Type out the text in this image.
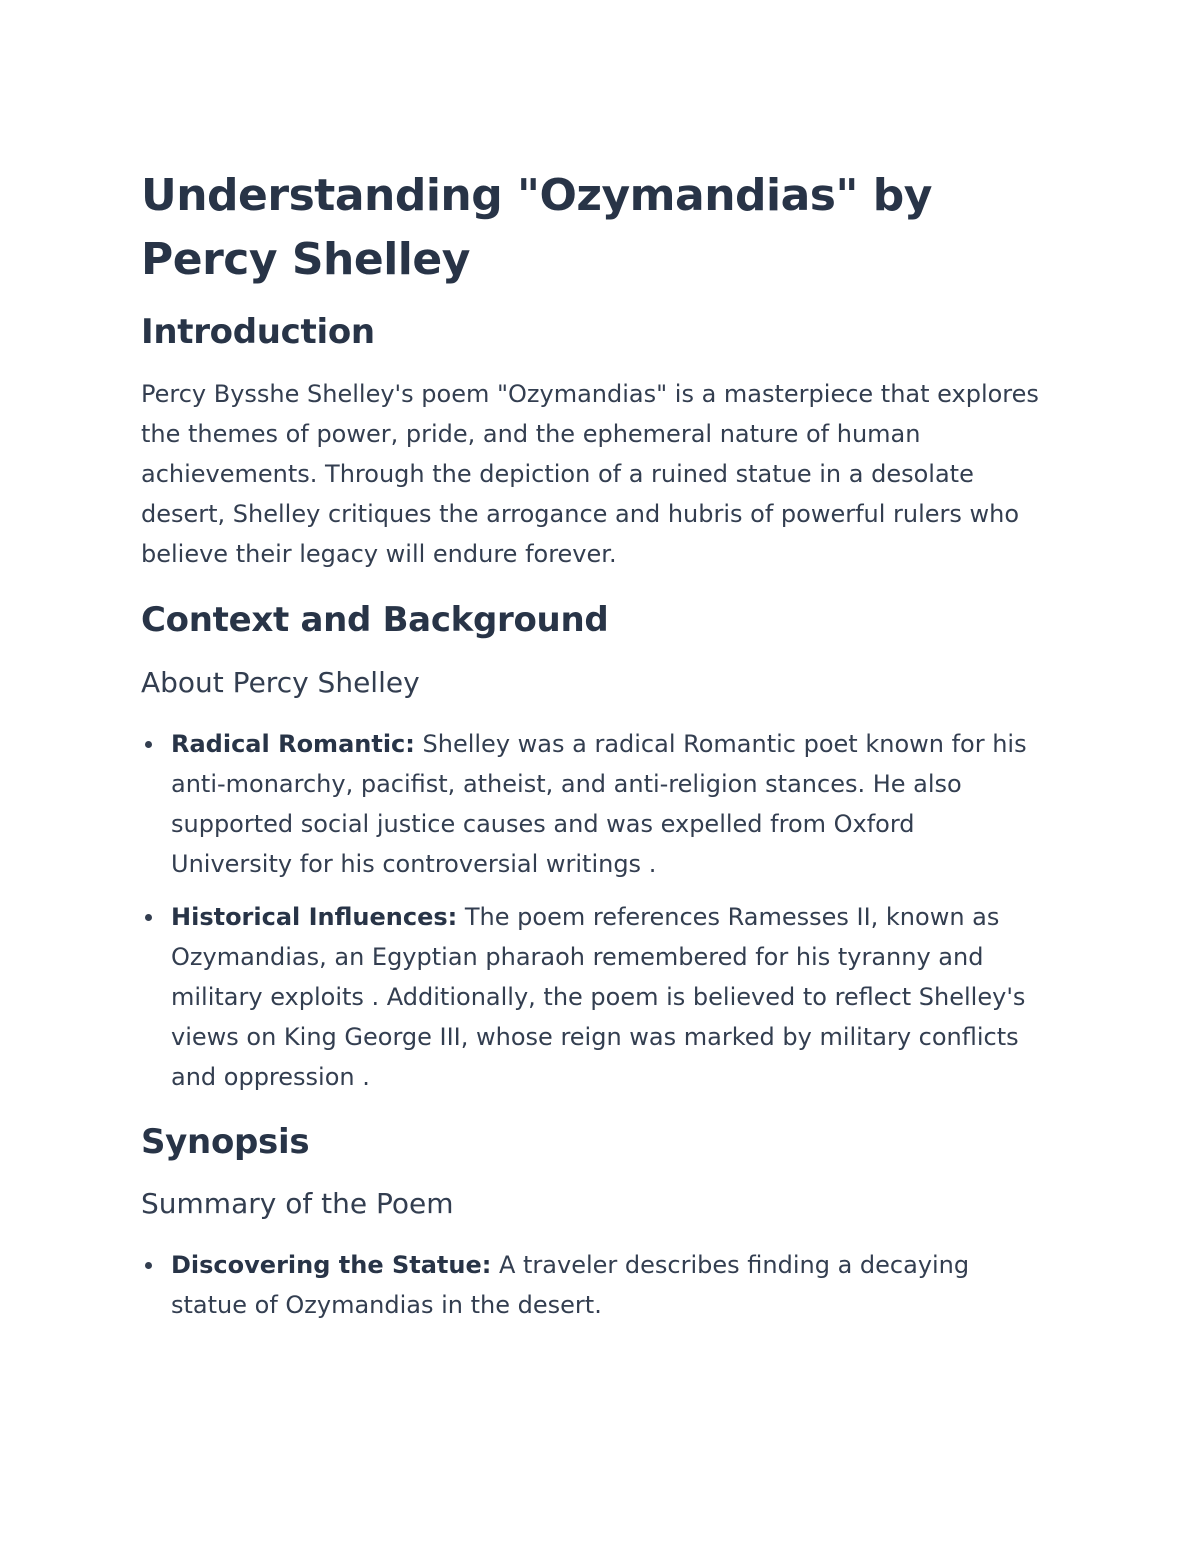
Understanding "Ozymandias" by Percy Shelley
Introduction

Percy Bysshe Shelley's poem "Ozymandias" is a masterpiece that explores the themes of power, pride, and the ephemeral nature of human achievements. Through the depiction of a ruined statue in a desolate desert, Shelley critiques the arrogance and hubris of powerful rulers who believe their legacy will endure forever.

Context and Background
About Percy Shelley
Radical Romantic: Shelley was a radical Romantic poet known for his anti-monarchy, pacifist, atheist, and anti-religion stances. He also supported social justice causes and was expelled from Oxford University for his controversial writings .
Historical Influences: The poem references Ramesses II, known as Ozymandias, an Egyptian pharaoh remembered for his tyranny and military exploits . Additionally, the poem is believed to reflect Shelley's views on King George III, whose reign was marked by military conflicts and oppression .
Synopsis
Summary of the Poem
Discovering the Statue: A traveler describes finding a decaying statue of Ozymandias in the desert.
